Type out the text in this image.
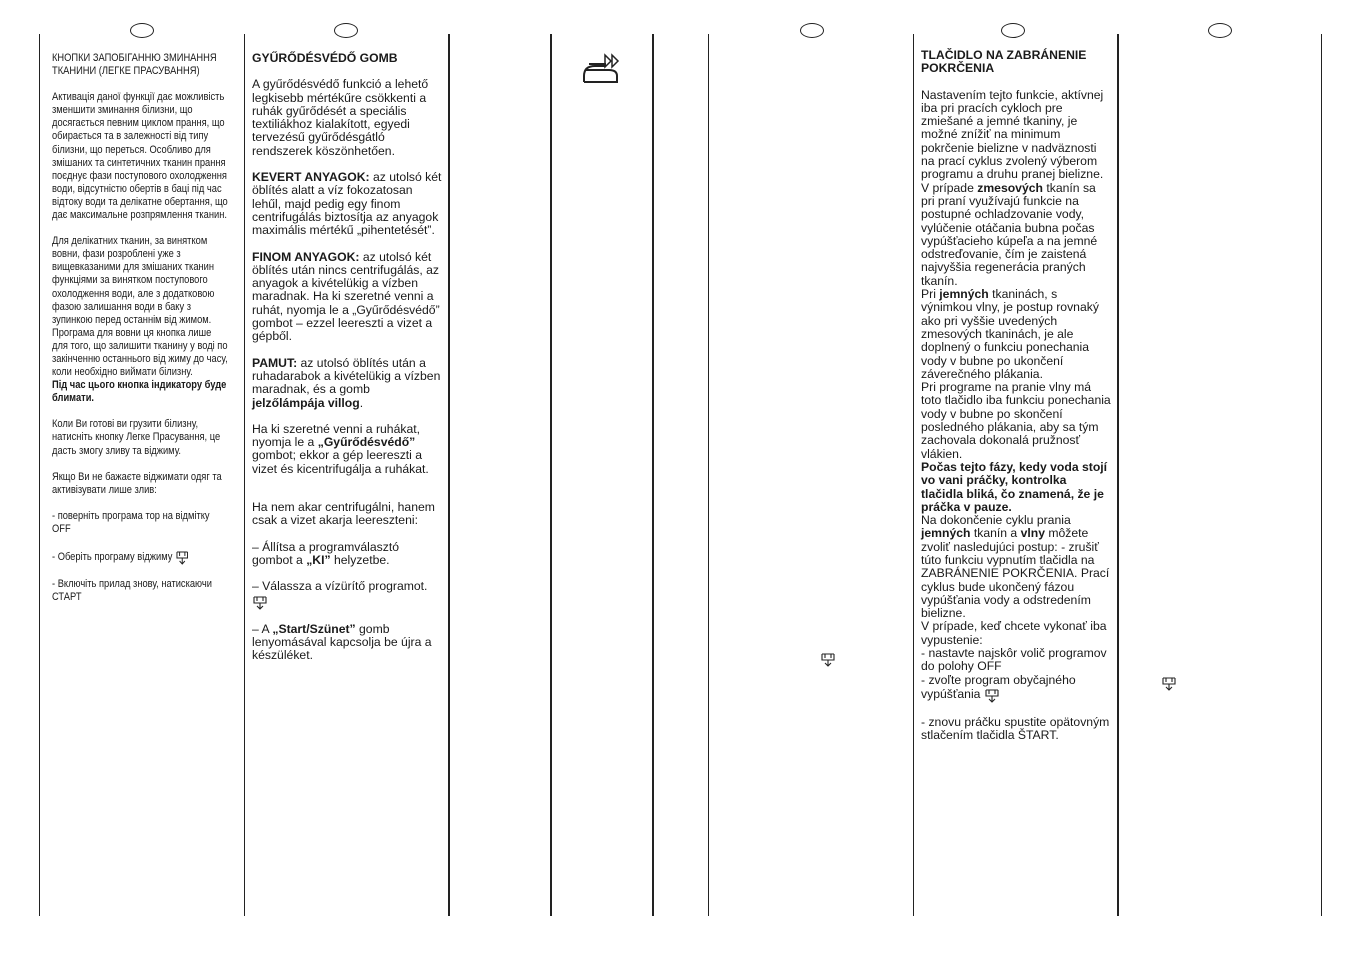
КНОПКИ ЗАПОБІГАННЮ ЗМИНАННЯ ТКАНИНИ (ЛЕГКЕ ПРАСУВАННЯ)

Активація даної функції дає можливість зменшити зминання білизни, що досягається певним циклом прання, що обирається та в залежності від типу білизни, що переться. Особливо для змішаних та синтетичних тканин прання поєднує фази поступового охолодження води, відсутністю обертів в баці під час відтоку води та делікатне обертання, що дає максимальне розпрямлення тканин.

Для делікатних тканин, за винятком вовни, фази розроблені уже з вищевказаними для змішаних тканин функціями за винятком поступового охолодження води, але з додатковою фазою залишання води в баку з зупинкою перед останнім від жимом.

Програма для вовни ця кнопка лише для того, що залишити тканину у воді по закінченню останнього від жиму до часу, коли необхідно виймати білизну.

Під час цього кнопка індикатору буде блимати.

Коли Ви готові ви грузити білизну, натисніть кнопку Легке Прасування, це дасть змогу зливу та віджиму.

Якщо Ви не бажаєте віджимати одяг та активізувати лише злив:

- поверніть програма тор на відмітку OFF

- Оберіть програму віджиму

- Включіть прилад знову, натискаючи СТАРТ

GYŰRŐDÉSVÉDŐ GOMB

A gyűrődésvédő funkció a lehető legkisebb mértékűre csökkenti a ruhák gyűrődését a speciális textiliákhoz kialakított, egyedi tervezésű gyűrődésgátló rendszerek köszönhetően.

KEVERT ANYAGOK: az utolsó két öblítés alatt a víz fokozatosan lehűl, majd pedig egy finom centrifugálás biztosítja az anyagok maximális mértékű „pihentetését”.

FINOM ANYAGOK: az utolsó két öblítés után nincs centrifugálás, az anyagok a kivételükig a vízben maradnak. Ha ki szeretné venni a ruhát, nyomja le a „Gyűrődésvédő” gombot – ezzel leereszti a vizet a gépből.

PAMUT: az utolsó öblítés után a ruhadarabok a kivételükig a vízben maradnak, és a gomb jelzőlámpája villog.

Ha ki szeretné venni a ruhákat, nyomja le a „Gyűrődésvédő” gombot; ekkor a gép leereszti a vizet és kicentrifugálja a ruhákat.

Ha nem akar centrifugálni, hanem csak a vizet akarja leereszteni:

– Állítsa a programválasztó gombot a „KI” helyzetbe.

– Válassza a vízürítő programot.

– A „Start/Szünet” gomb lenyomásával kapcsolja be újra a készüléket.

TLAČIDLO NA ZABRÁNENIE POKRČENIA

Nastavením tejto funkcie, aktívnej iba pri pracích cykloch pre zmiešané a jemné tkaniny, je možné znížiť na minimum pokrčenie bielizne v nadväznosti na prací cyklus zvolený výberom programu a druhu pranej bielizne.

V prípade zmesových tkanín sa pri praní využívajú funkcie na postupné ochladzovanie vody, vylúčenie otáčania bubna počas vypúšťacieho kúpeľa a na jemné odstreďovanie, čím je zaistená najvyššia regenerácia praných tkanín.

Pri jemných tkaninách, s výnimkou vlny, je postup rovnaký ako pri vyššie uvedených zmesových tkaninách, je ale doplnený o funkciu ponechania vody v bubne po ukončení záverečného plákania.

Pri programe na pranie vlny má toto tlačidlo iba funkciu ponechania vody v bubne po skončení posledného plákania, aby sa tým zachovala dokonalá pružnosť vlákien.

Počas tejto fázy, kedy voda stojí vo vani práčky, kontrolka tlačidla bliká, čo znamená, že je práčka v pauze.

Na dokončenie cyklu prania jemných tkanín a vlny môžete zvoliť nasledujúci postup: - zrušiť túto funkciu vypnutím tlačidla na ZABRÁNENIE POKRČENIA. Prací cyklus bude ukončený fázou vypúšťania vody a odstredením bielizne.

V prípade, keď chcete vykonať iba vypustenie:

- nastavte najskôr volič programov do polohy OFF

- zvoľte program obyčajného vypúšťania

- znovu práčku spustite opätovným stlačením tlačidla ŠTART.
